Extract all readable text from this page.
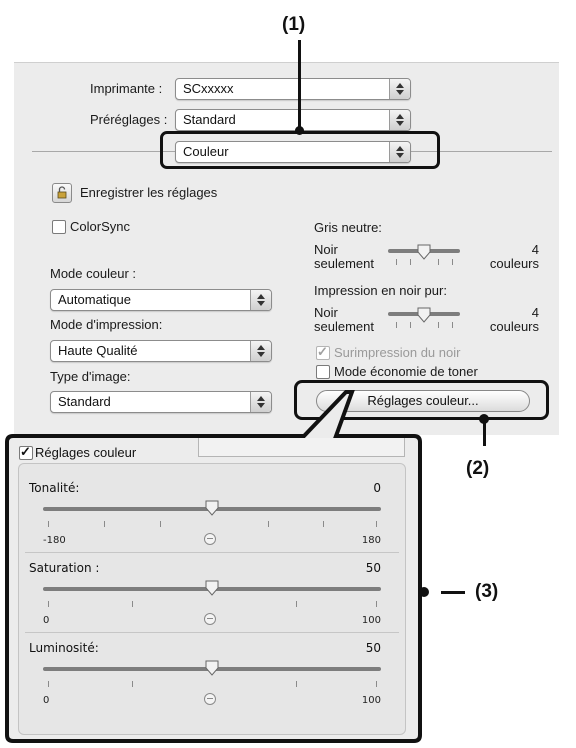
(1)
(2)
(3)
Imprimante : SCxxxxx
Préréglages : Standard
Couleur
Enregistrer les réglages
ColorSync
Mode couleur :
Automatique
Mode d'impression:
Haute Qualité
Type d'image:
Standard
Gris neutre:
Noir
seulement
4
couleurs
Impression en noir pur:
Noir
seulement
4
couleurs
✓
Surimpression du noir
Mode économie de toner
Réglages couleur...
✓
Réglages couleur
Tonalité:	0
-180	180
Saturation :	50
0	100
Luminosité:	50
0	100
